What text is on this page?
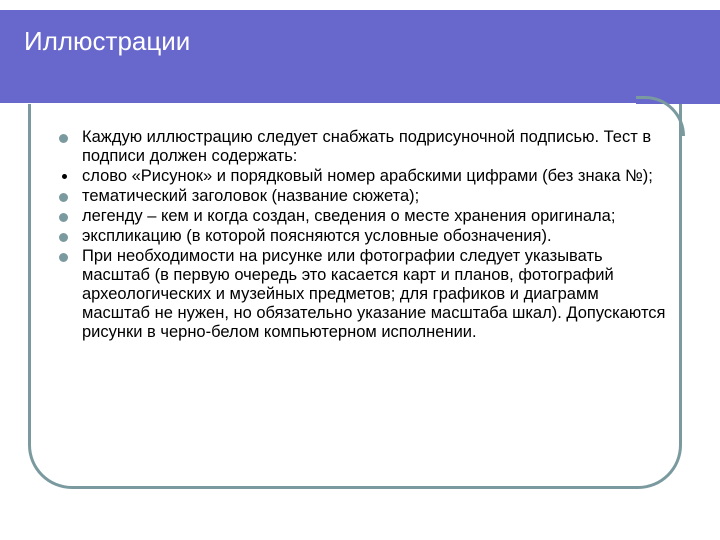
Иллюстрации
Каждую иллюстрацию следует снабжать подрисуночной подписью. Тест в подписи должен содержать:
слово «Рисунок» и порядковый номер арабскими цифрами (без знака №);
тематический заголовок (название сюжета);
легенду – кем и когда создан, сведения о месте хранения оригинала;
экспликацию (в которой поясняются условные обозначения).
При необходимости на рисунке или фотографии следует указывать масштаб (в первую очередь это касается карт и планов, фотографий археологических и музейных предметов; для графиков и диаграмм масштаб не нужен, но обязательно указание масштаба шкал). Допускаются рисунки в черно-белом компьютерном исполнении.
